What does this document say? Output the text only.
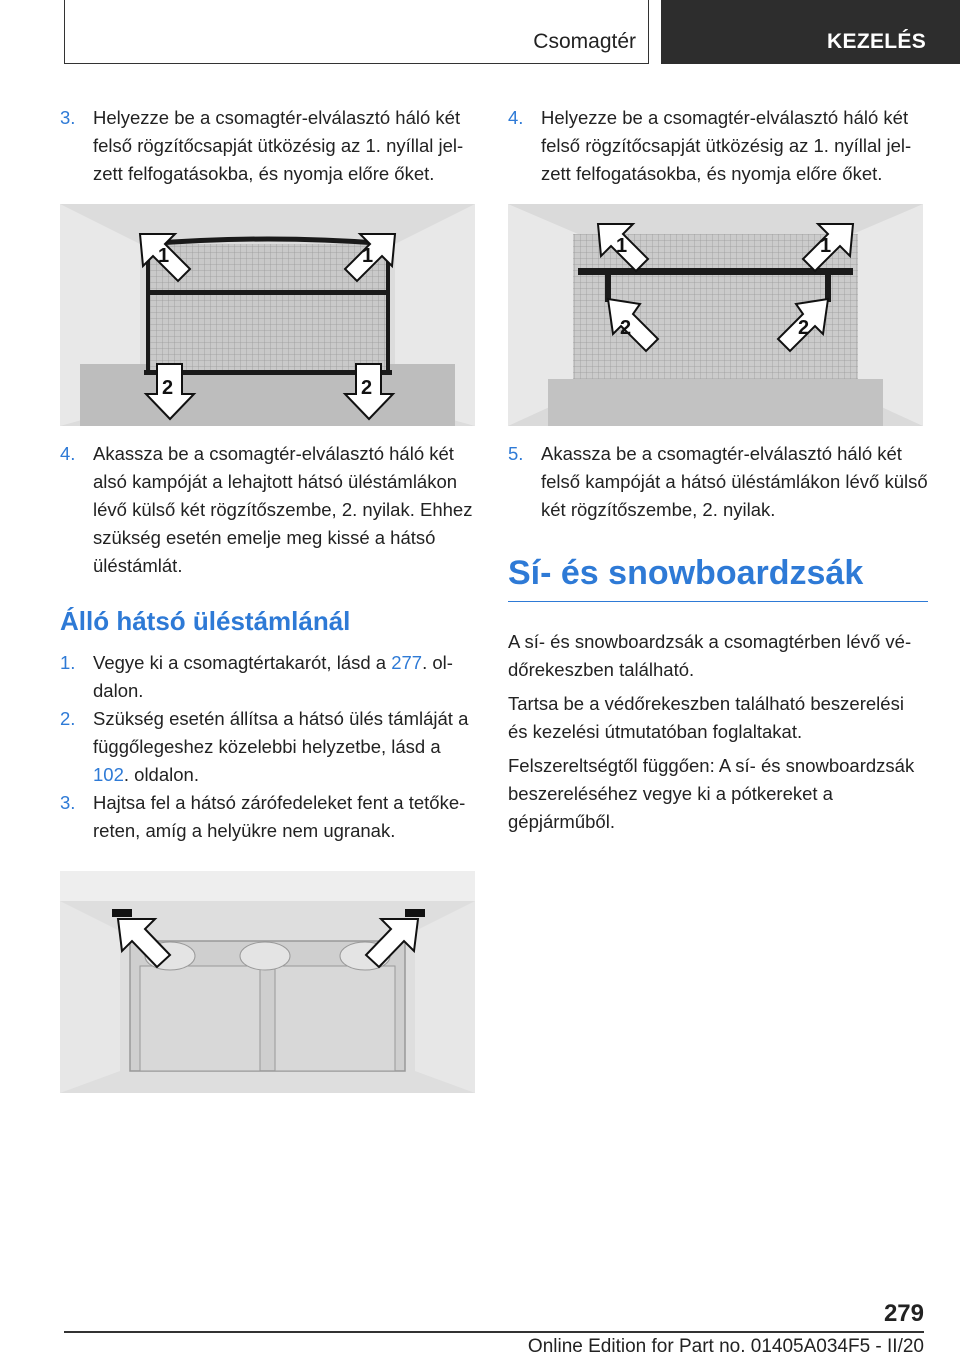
Csomagtér	KEZELÉS
3. Helyezze be a csomagtér-elválasztó háló két felső rögzítőcsapját ütközésig az 1. nyíllal jelzett felfogatásokba, és nyomja előre őket.
1	1
2	2
4. Akassza be a csomagtér-elválasztó háló két alsó kampóját a lehajtott hátsó üléstámlákon lévő külső két rögzítőszembe, 2. nyilak. Ehhez szükség esetén emelje meg kissé a hátsó üléstámlát.
Álló hátsó üléstámlánál
1. Vegye ki a csomagtértakarót, lásd a 277. oldalon.
2. Szükség esetén állítsa a hátsó ülés támláját a függőlegeshez közelebbi helyzetbe, lásd a 102. oldalon.
3. Hajtsa fel a hátsó zárófedeleket fent a tetőkereten, amíg a helyükre nem ugranak.
4. Helyezze be a csomagtér-elválasztó háló két felső rögzítőcsapját ütközésig az 1. nyíllal jelzett felfogatásokba, és nyomja előre őket.
1	1
2	2
5. Akassza be a csomagtér-elválasztó háló két felső kampóját a hátsó üléstámlákon lévő külső két rögzítőszembe, 2. nyilak.
Sí- és snowboardzsák
A sí- és snowboardzsák a csomagtérben lévő védőrekeszben található.
Tartsa be a védőrekeszben található beszerelési és kezelési útmutatóban foglaltakat.
Felszereltségtől függően: A sí- és snowboardzsák beszereléséhez vegye ki a pótkereket a gépjárműből.
279
Online Edition for Part no. 01405A034F5 - II/20
